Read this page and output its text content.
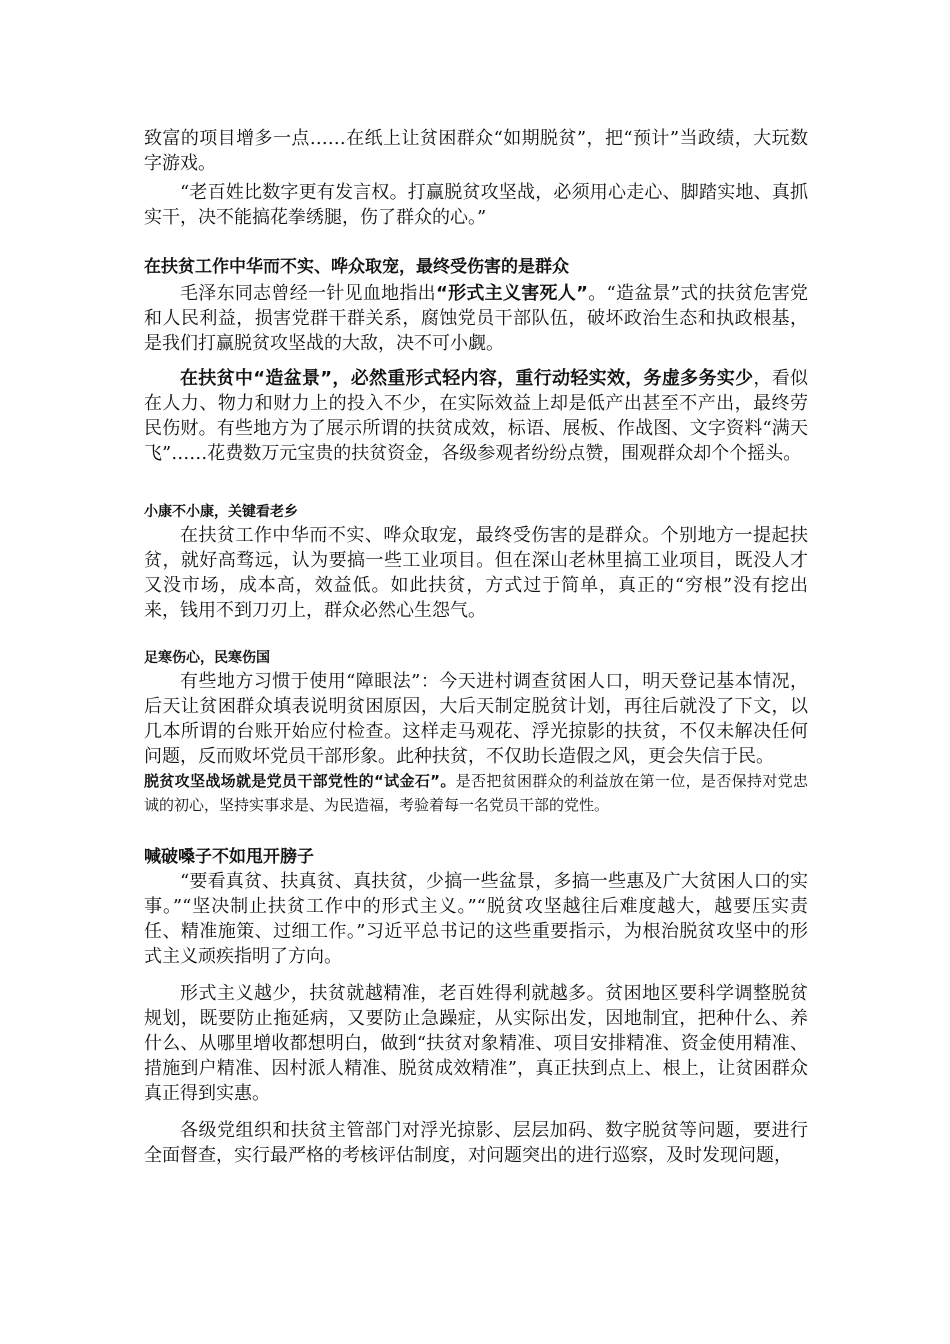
致富的项目增多一点……在纸上让贫困群众“如期脱贫”，把“预计”当政绩，大玩数字游戏。

“老百姓比数字更有发言权。打赢脱贫攻坚战，必须用心走心、脚踏实地、真抓实干，决不能搞花拳绣腿，伤了群众的心。”

在扶贫工作中华而不实、哗众取宠，最终受伤害的是群众

毛泽东同志曾经一针见血地指出“形式主义害死人”。“造盆景”式的扶贫危害党和人民利益，损害党群干群关系，腐蚀党员干部队伍，破坏政治生态和执政根基，是我们打赢脱贫攻坚战的大敌，决不可小觑。

在扶贫中“造盆景”，必然重形式轻内容，重行动轻实效，务虚多务实少，看似在人力、物力和财力上的投入不少，在实际效益上却是低产出甚至不产出，最终劳民伤财。有些地方为了展示所谓的扶贫成效，标语、展板、作战图、文字资料“满天飞”……花费数万元宝贵的扶贫资金，各级参观者纷纷点赞，围观群众却个个摇头。

小康不小康，关键看老乡

在扶贫工作中华而不实、哗众取宠，最终受伤害的是群众。个别地方一提起扶贫，就好高骛远，认为要搞一些工业项目。但在深山老林里搞工业项目，既没人才又没市场，成本高，效益低。如此扶贫，方式过于简单，真正的“穷根”没有挖出来，钱用不到刀刃上，群众必然心生怨气。

足寒伤心，民寒伤国

有些地方习惯于使用“障眼法”：今天进村调查贫困人口，明天登记基本情况，后天让贫困群众填表说明贫困原因，大后天制定脱贫计划，再往后就没了下文，以几本所谓的台账开始应付检查。这样走马观花、浮光掠影的扶贫，不仅未解决任何问题，反而败坏党员干部形象。此种扶贫，不仅助长造假之风，更会失信于民。

脱贫攻坚战场就是党员干部党性的“试金石”。是否把贫困群众的利益放在第一位，是否保持对党忠诚的初心，坚持实事求是、为民造福，考验着每一名党员干部的党性。

喊破嗓子不如甩开膀子

“要看真贫、扶真贫、真扶贫，少搞一些盆景，多搞一些惠及广大贫困人口的实事。”“坚决制止扶贫工作中的形式主义。”“脱贫攻坚越往后难度越大，越要压实责任、精准施策、过细工作。”习近平总书记的这些重要指示，为根治脱贫攻坚中的形式主义顽疾指明了方向。

形式主义越少，扶贫就越精准，老百姓得利就越多。贫困地区要科学调整脱贫规划，既要防止拖延病，又要防止急躁症，从实际出发，因地制宜，把种什么、养什么、从哪里增收都想明白，做到“扶贫对象精准、项目安排精准、资金使用精准、措施到户精准、因村派人精准、脱贫成效精准”，真正扶到点上、根上，让贫困群众真正得到实惠。

各级党组织和扶贫主管部门对浮光掠影、层层加码、数字脱贫等问题，要进行全面督查，实行最严格的考核评估制度，对问题突出的进行巡察，及时发现问题，
